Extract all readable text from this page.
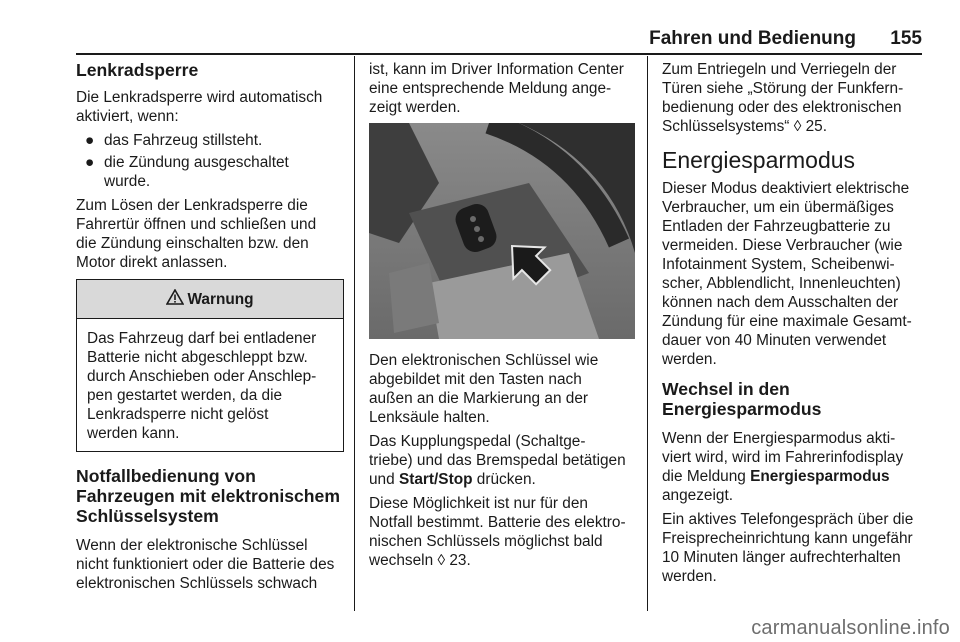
Fahren und Bedienung 155
Lenkradsperre

Die Lenkradsperre wird automatisch
aktiviert, wenn:

● das Fahrzeug stillsteht.
● die Zündung ausgeschaltet
wurde.

Zum Lösen der Lenkradsperre die
Fahrertür öffnen und schließen und
die Zündung einschalten bzw. den
Motor direkt anlassen.

Warnung
Das Fahrzeug darf bei entladener
Batterie nicht abgeschleppt bzw.
durch Anschieben oder Anschlep-
pen gestartet werden, da die
Lenkradsperre nicht gelöst
werden kann.
Notfallbedienung von
Fahrzeugen mit elektronischem
Schlüsselsystem

Wenn der elektronische Schlüssel
nicht funktioniert oder die Batterie des
elektronischen Schlüssels schwach

ist, kann im Driver Information Center
eine entsprechende Meldung ange-
zeigt werden.

Den elektronischen Schlüssel wie
abgebildet mit den Tasten nach
außen an die Markierung an der
Lenksäule halten.

Das Kupplungspedal (Schaltge-
triebe) und das Bremspedal betätigen
und Start/Stop drücken.

Diese Möglichkeit ist nur für den
Notfall bestimmt. Batterie des elektro-
nischen Schlüssels möglichst bald
wechseln ◊ 23.

Zum Entriegeln und Verriegeln der
Türen siehe „Störung der Funkfern-
bedienung oder des elektronischen
Schlüsselsystems“ ◊ 25.

Energiesparmodus

Dieser Modus deaktiviert elektrische
Verbraucher, um ein übermäßiges
Entladen der Fahrzeugbatterie zu
vermeiden. Diese Verbraucher (wie
Infotainment System, Scheibenwi-
scher, Abblendlicht, Innenleuchten)
können nach dem Ausschalten der
Zündung für eine maximale Gesamt-
dauer von 40 Minuten verwendet
werden.

Wechsel in den
Energiesparmodus

Wenn der Energiesparmodus akti-
viert wird, wird im Fahrerinfodisplay
die Meldung Energiesparmodus
angezeigt.

Ein aktives Telefongespräch über die
Freisprecheinrichtung kann ungefähr
10 Minuten länger aufrechterhalten
werden.

carmanualsonline.info
